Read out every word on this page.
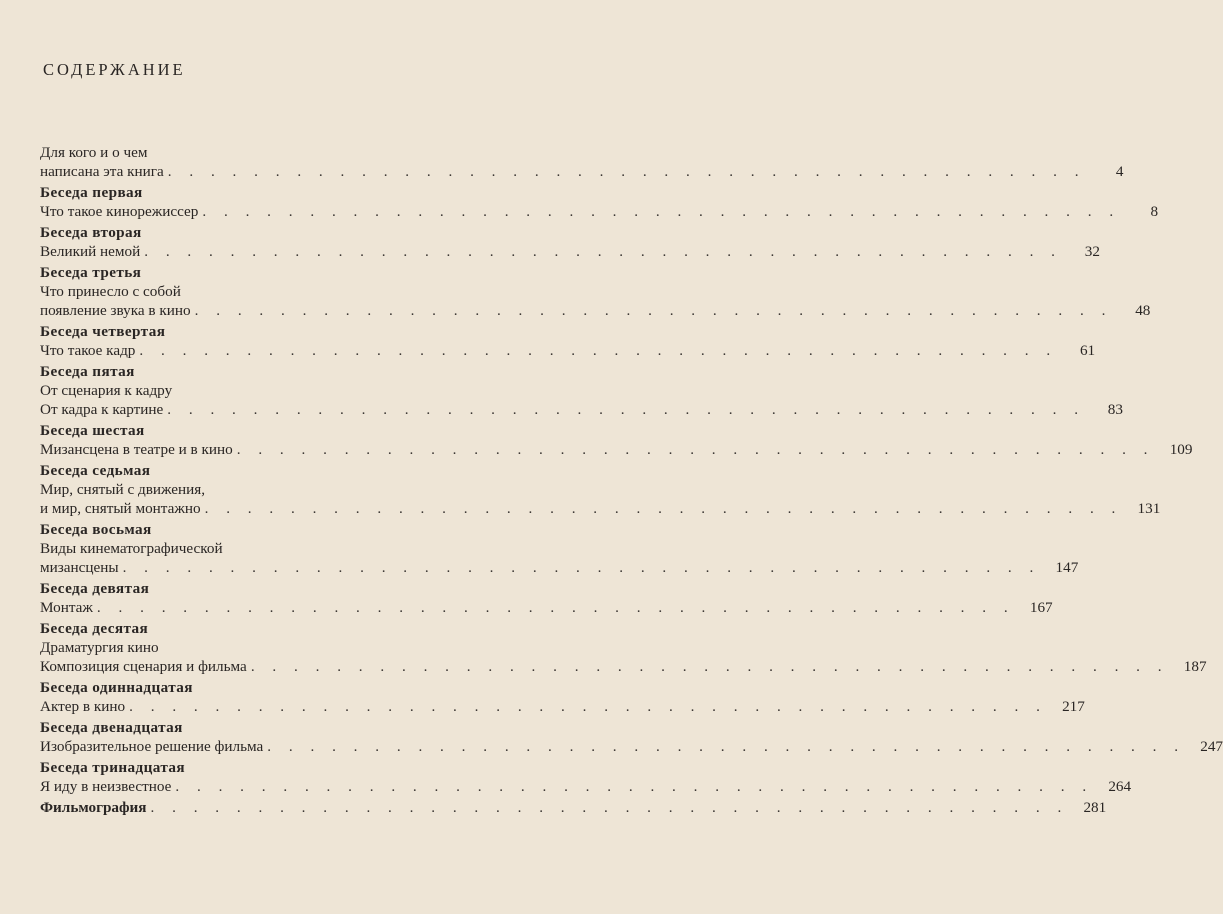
СОДЕРЖАНИЕ
Для кого и о чем
написана эта книга . . . . . . . . . . . . . . . . . . . . . . . . . . . . . . . . . . . . . . . . . . .	4
Беседа первая
Что такое кинорежиссер . . . . . . . . . . . . . . . . . . . . . . . . . . . . . . . . . . . . . . . . . . .	8
Беседа вторая
Великий немой . . . . . . . . . . . . . . . . . . . . . . . . . . . . . . . . . . . . . . . . . . .	32
Беседа третья
Что принесло с собой
появление звука в кино . . . . . . . . . . . . . . . . . . . . . . . . . . . . . . . . . . . . . . . . . . .	48
Беседа четвертая
Что такое кадр . . . . . . . . . . . . . . . . . . . . . . . . . . . . . . . . . . . . . . . . . . .	61
Беседа пятая
От сценария к кадру
От кадра к картине . . . . . . . . . . . . . . . . . . . . . . . . . . . . . . . . . . . . . . . . . . .	83
Беседа шестая
Мизансцена в театре и в кино . . . . . . . . . . . . . . . . . . . . . . . . . . . . . . . . . . . . . . . . . . . 109
Беседа седьмая
Мир, снятый с движения,
и мир, снятый монтажно . . . . . . . . . . . . . . . . . . . . . . . . . . . . . . . . . . . . . . . . . . . 131
Беседа восьмая
Виды кинематографической
мизансцены . . . . . . . . . . . . . . . . . . . . . . . . . . . . . . . . . . . . . . . . . . . 147
Беседа девятая
Монтаж . . . . . . . . . . . . . . . . . . . . . . . . . . . . . . . . . . . . . . . . . . . 167
Беседа десятая
Драматургия кино
Композиция сценария и фильма . . . . . . . . . . . . . . . . . . . . . . . . . . . . . . . . . . . . . . . . . . . 187
Беседа одиннадцатая
Актер в кино . . . . . . . . . . . . . . . . . . . . . . . . . . . . . . . . . . . . . . . . . . . 217
Беседа двенадцатая
Изобразительное решение фильма . . . . . . . . . . . . . . . . . . . . . . . . . . . . . . . . . . . . . . . . . . . 247
Беседа тринадцатая
Я иду в неизвестное . . . . . . . . . . . . . . . . . . . . . . . . . . . . . . . . . . . . . . . . . . . 264
Фильмография . . . . . . . . . . . . . . . . . . . . . . . . . . . . . . . . . . . . . . . . . . . 281
